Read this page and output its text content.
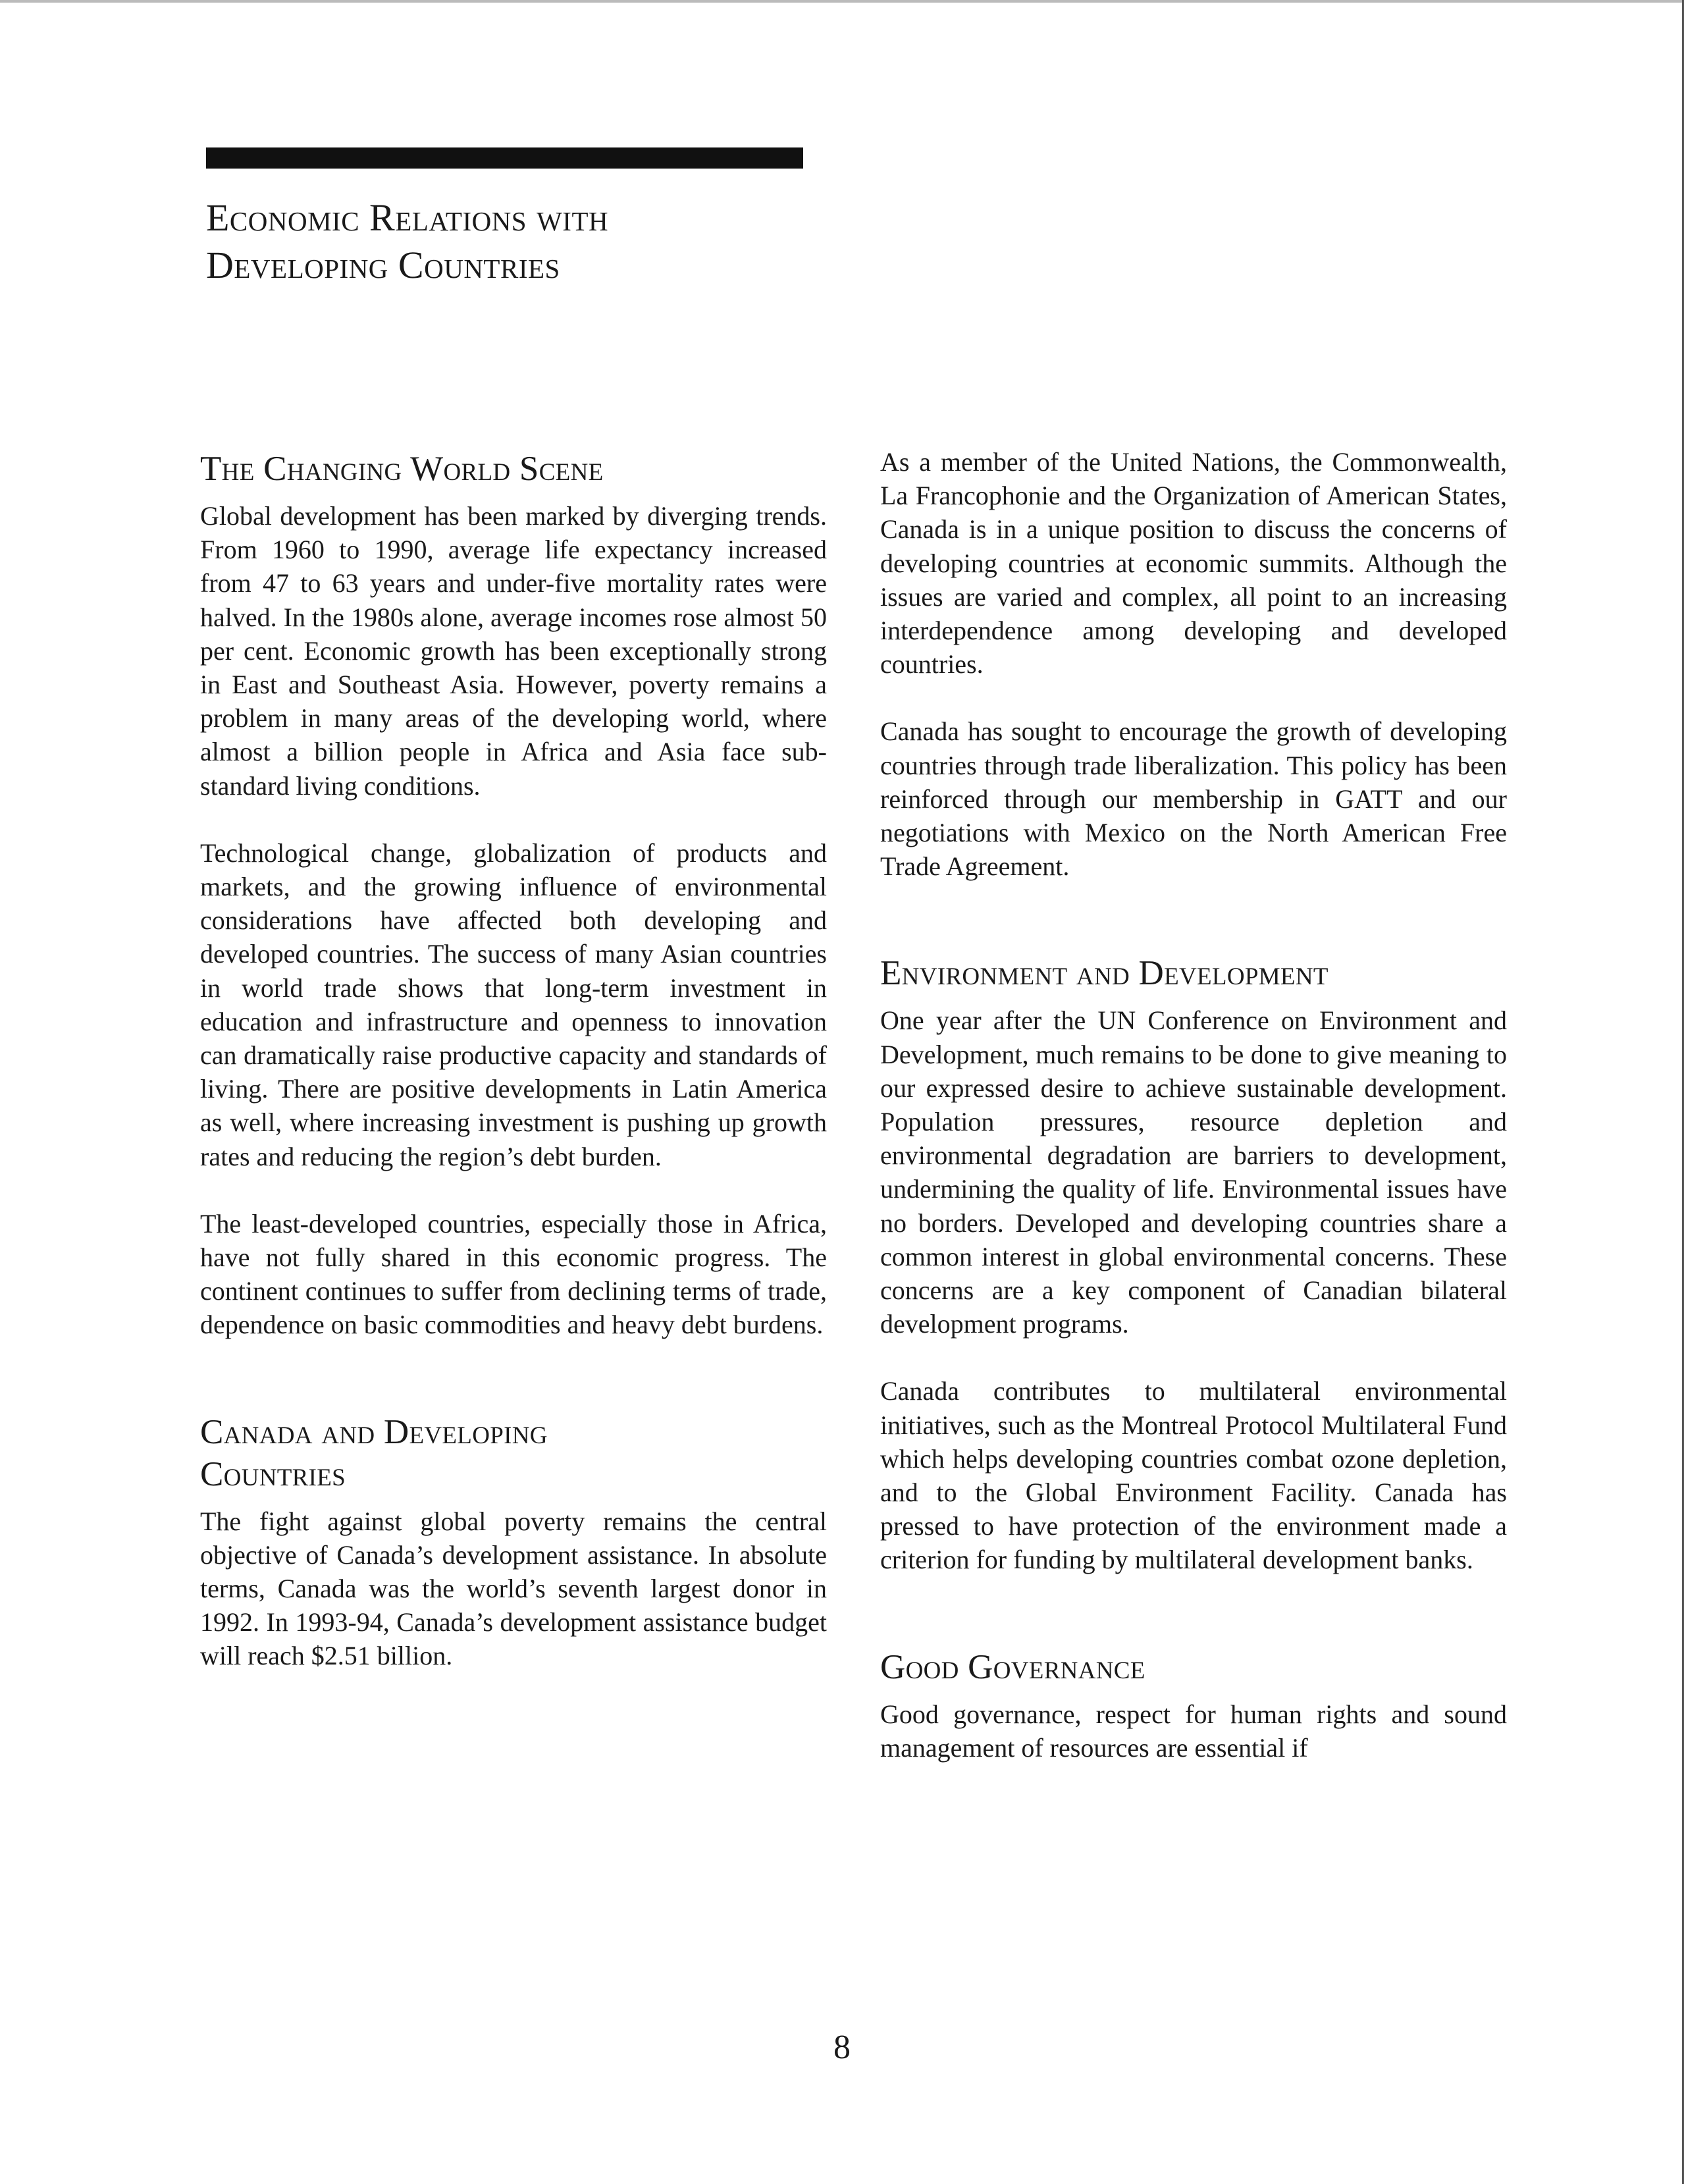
Economic Relations with
Developing Countries
The Changing World Scene

Global development has been marked by diverging trends. From 1960 to 1990, average life expectancy increased from 47 to 63 years and under-five mortality rates were halved. In the 1980s alone, average incomes rose almost 50 per cent. Economic growth has been exceptionally strong in East and Southeast Asia. However, poverty remains a problem in many areas of the developing world, where almost a billion people in Africa and Asia face sub-standard living conditions.

Technological change, globalization of products and markets, and the growing influence of environmental considerations have affected both developing and developed countries. The success of many Asian countries in world trade shows that long-term investment in education and infrastructure and openness to innovation can dramatically raise productive capacity and standards of living. There are positive developments in Latin America as well, where increasing investment is pushing up growth rates and reducing the region’s debt burden.

The least-developed countries, especially those in Africa, have not fully shared in this economic progress. The continent continues to suffer from declining terms of trade, dependence on basic commodities and heavy debt burdens.

Canada and Developing
Countries

The fight against global poverty remains the central objective of Canada’s development assistance. In absolute terms, Canada was the world’s seventh largest donor in 1992. In 1993-94, Canada’s development assistance budget will reach $2.51 billion.

As a member of the United Nations, the Commonwealth, La Francophonie and the Organization of American States, Canada is in a unique position to discuss the concerns of developing countries at economic summits. Although the issues are varied and complex, all point to an increasing interdependence among developing and developed countries.

Canada has sought to encourage the growth of developing countries through trade liberalization. This policy has been reinforced through our membership in GATT and our negotiations with Mexico on the North American Free Trade Agreement.

Environment and Development

One year after the UN Conference on Environment and Development, much remains to be done to give meaning to our expressed desire to achieve sustainable development. Population pressures, resource depletion and environmental degradation are barriers to development, undermining the quality of life. Environmental issues have no borders. Developed and developing countries share a common interest in global environmental concerns. These concerns are a key component of Canadian bilateral development programs.

Canada contributes to multilateral environmental initiatives, such as the Montreal Protocol Multilateral Fund which helps developing countries combat ozone depletion, and to the Global Environment Facility. Canada has pressed to have protection of the environment made a criterion for funding by multilateral development banks.

Good Governance

Good governance, respect for human rights and sound management of resources are essential if

8
